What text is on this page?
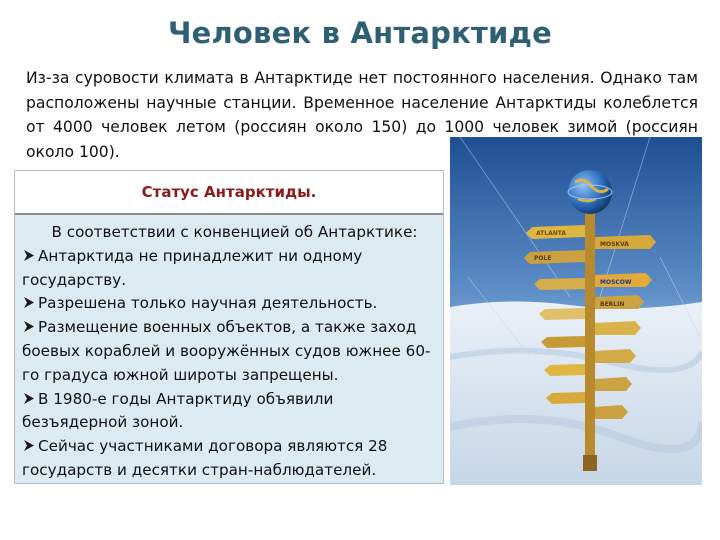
Человек в Антарктиде
Из-за суровости климата в Антарктиде нет постоянного населения. Однако там расположены научные станции. Временное население Антарктиды колеблется от 4000 человек летом (россиян около 150) до 1000 человек зимой (россиян около 100).
Статус Антарктиды.
В соответствии с конвенцией об Антарктике:

Антарктида не принадлежит ни одному государству.

Разрешена только научная деятельность.

Размещение военных объектов, а также заход боевых кораблей и вооружённых судов южнее 60-го градуса южной широты запрещены.

В 1980-е годы Антарктиду объявили безъядерной зоной.

Сейчас участниками договора являются 28 государств и десятки стран-наблюдателей.

ATLANTA
MOSKVA
POLE
MOSCOW
BERLIN
